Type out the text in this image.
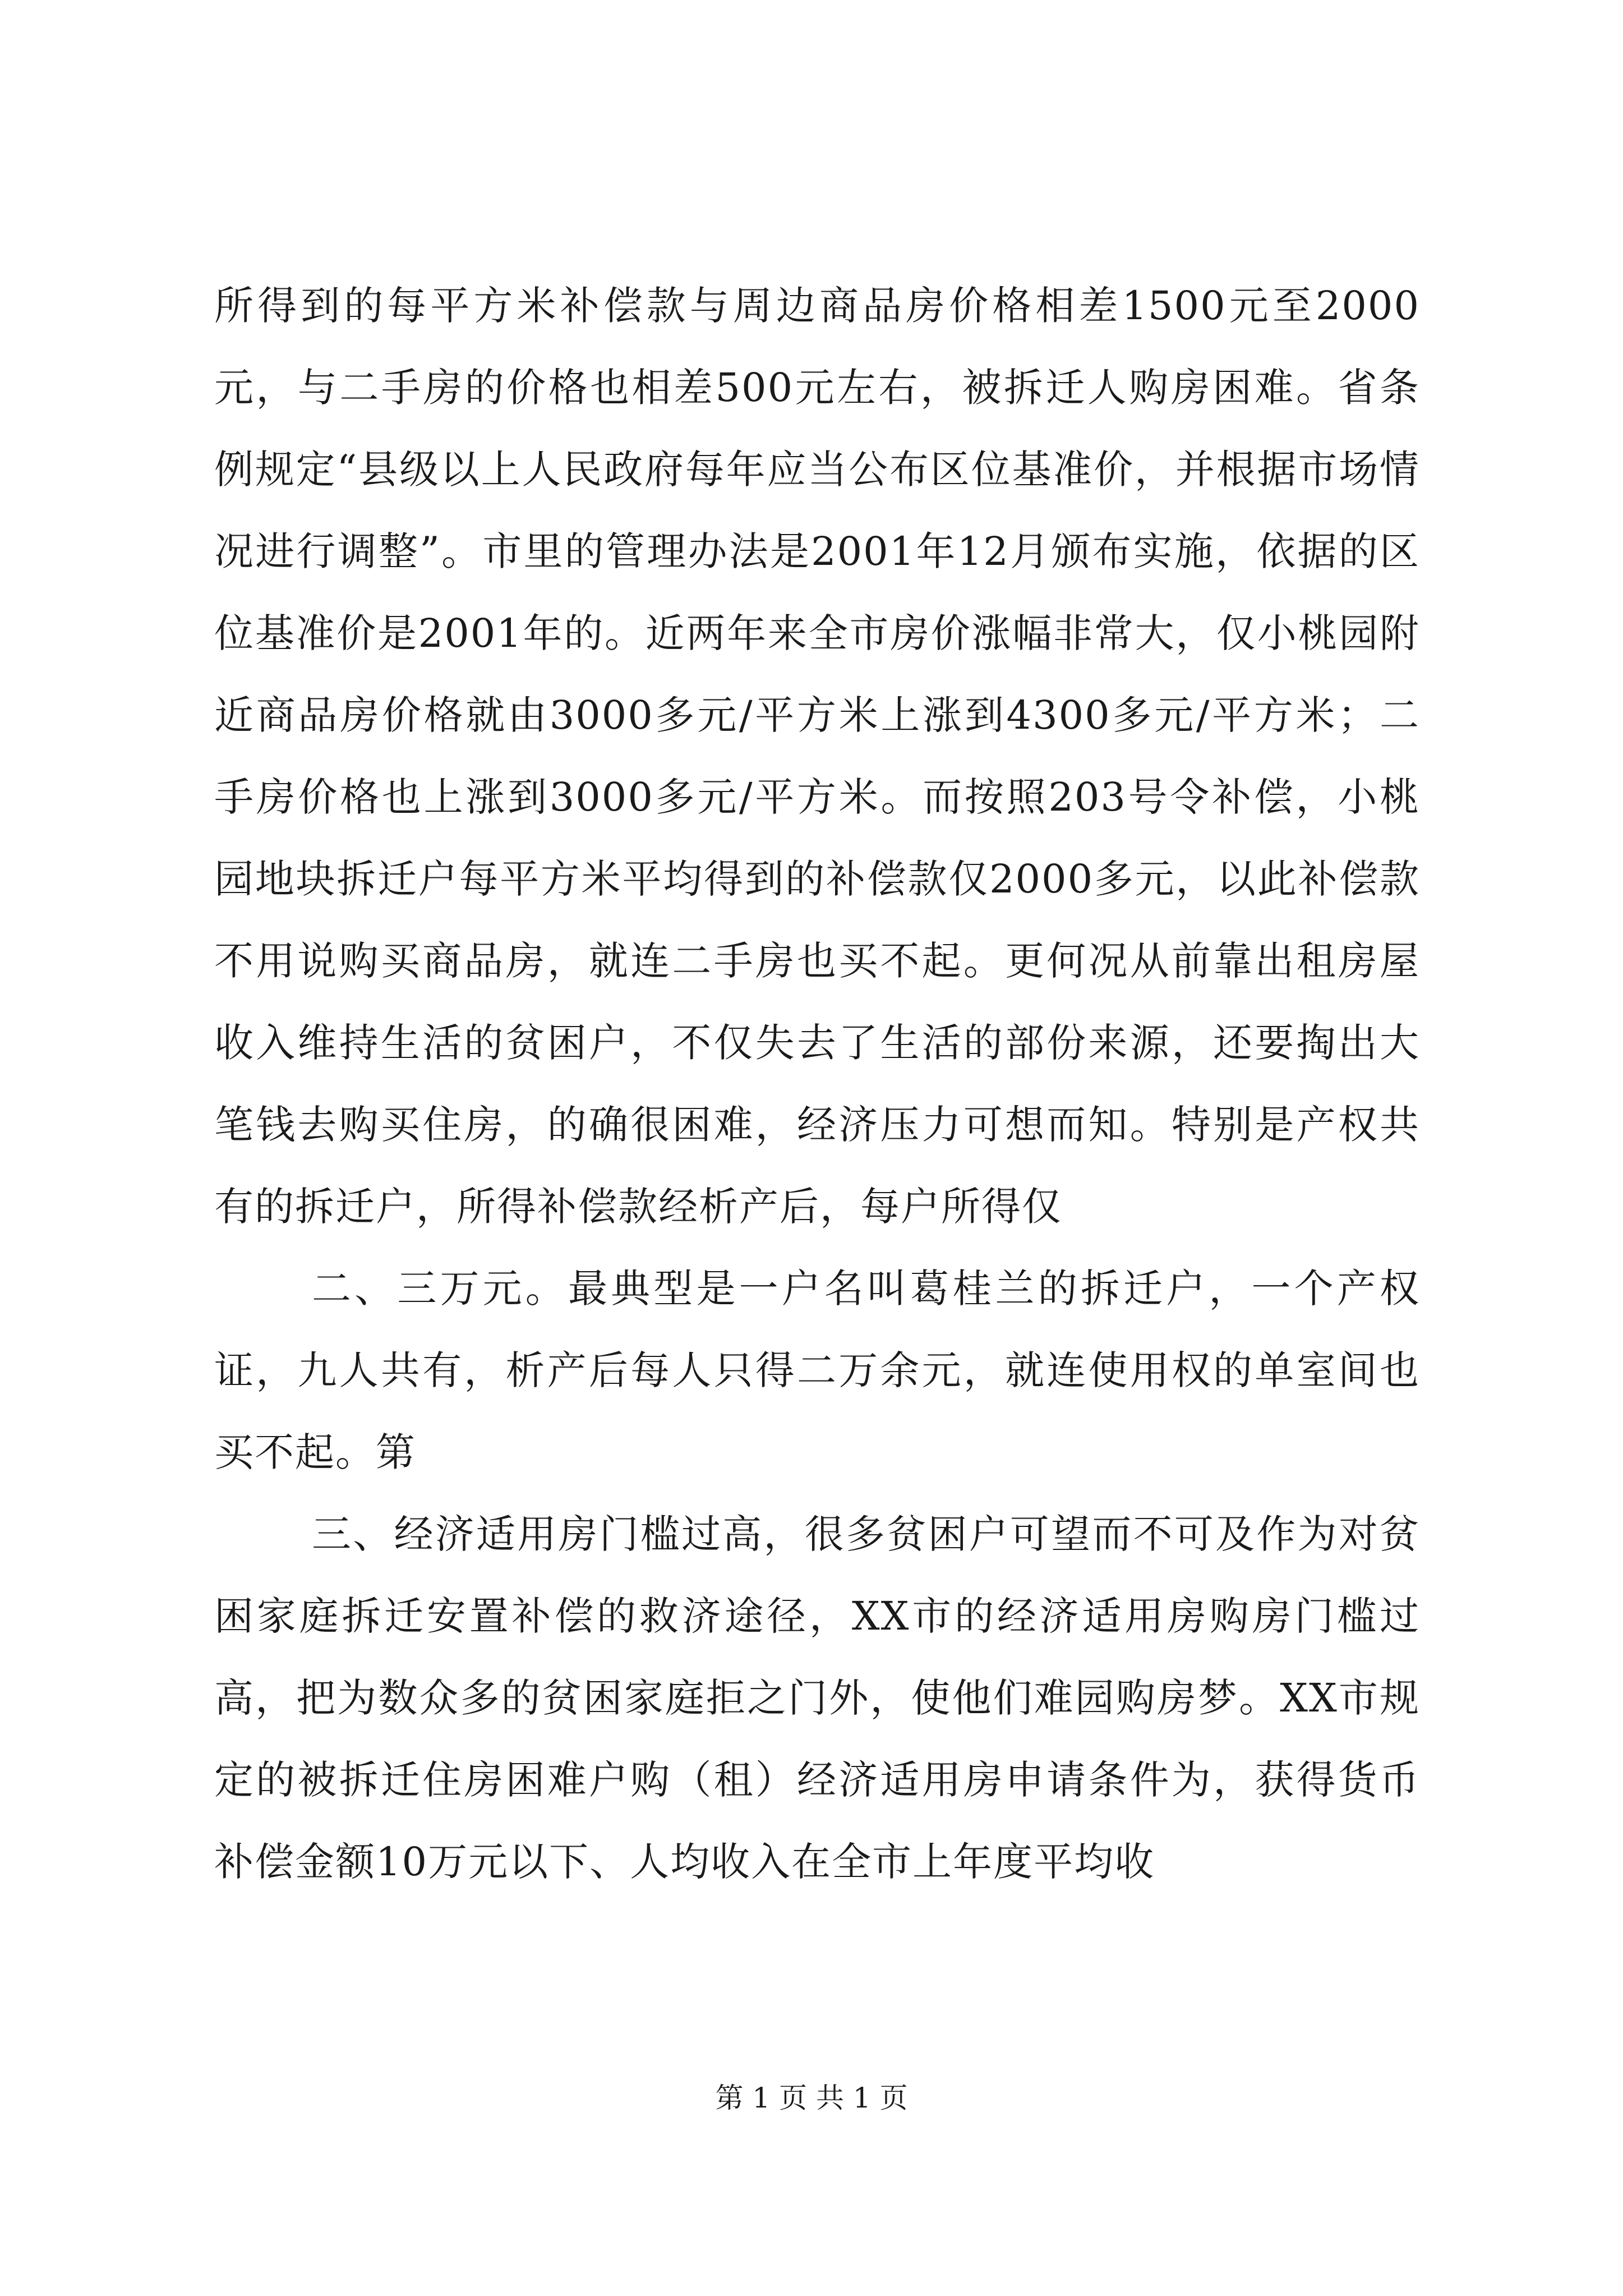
所得到的每平方米补偿款与周边商品房价格相差1500元至2000元，与二手房的价格也相差500元左右，被拆迁人购房困难。省条例规定“县级以上人民政府每年应当公布区位基准价，并根据市场情况进行调整”。市里的管理办法是2001年12月颁布实施，依据的区位基准价是2001年的。近两年来全市房价涨幅非常大，仅小桃园附近商品房价格就由3000多元/平方米上涨到4300多元/平方米；二手房价格也上涨到3000多元/平方米。而按照203号令补偿，小桃园地块拆迁户每平方米平均得到的补偿款仅2000多元，以此补偿款不用说购买商品房，就连二手房也买不起。更何况从前靠出租房屋收入维持生活的贫困户，不仅失去了生活的部份来源，还要掏出大笔钱去购买住房，的确很困难，经济压力可想而知。特别是产权共有的拆迁户，所得补偿款经析产后，每户所得仅

二、三万元。最典型是一户名叫葛桂兰的拆迁户，一个产权证，九人共有，析产后每人只得二万余元，就连使用权的单室间也买不起。第

三、经济适用房门槛过高，很多贫困户可望而不可及作为对贫困家庭拆迁安置补偿的救济途径，XX市的经济适用房购房门槛过高，把为数众多的贫困家庭拒之门外，使他们难园购房梦。XX市规定的被拆迁住房困难户购（租）经济适用房申请条件为，获得货币补偿金额10万元以下、人均收入在全市上年度平均收

第 1 页 共 1 页
